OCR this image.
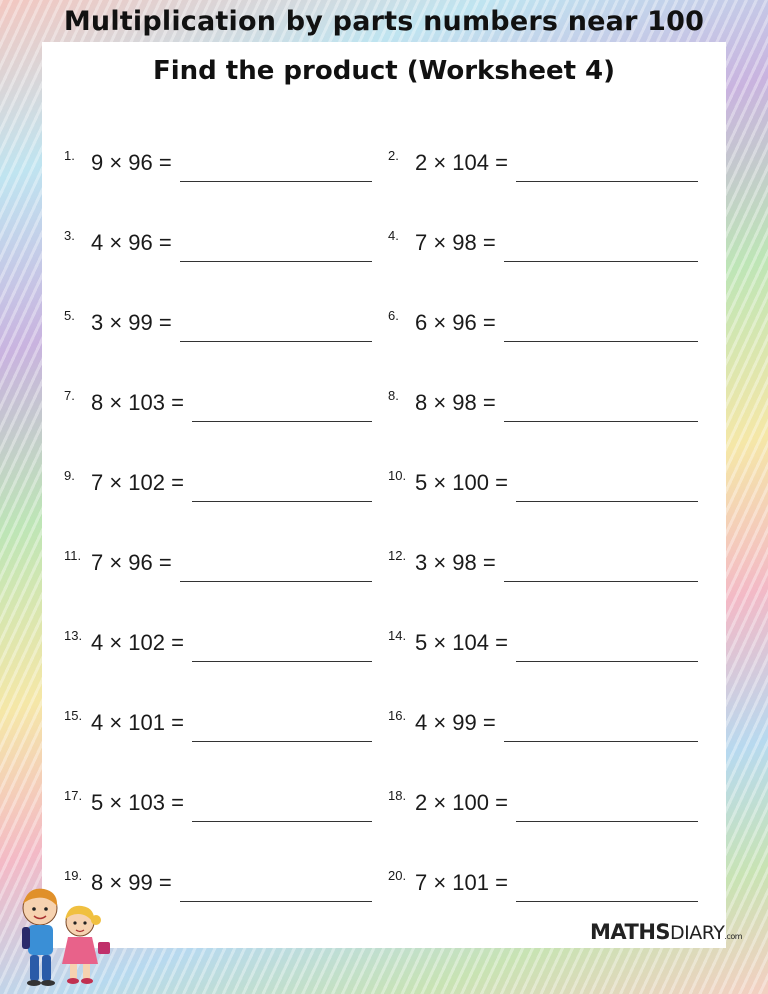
Multiplication by parts numbers near 100
Find the product (Worksheet 4)
1. 9 × 96 =	2. 2 × 104 =
3. 4 × 96 =	4. 7 × 98 =
5. 3 × 99 =	6. 6 × 96 =
7. 8 × 103 =	8. 8 × 98 =
9. 7 × 102 =	10. 5 × 100 =
11. 7 × 96 =	12. 3 × 98 =
13. 4 × 102 =	14. 5 × 104 =
15. 4 × 101 =	16. 4 × 99 =
17. 5 × 103 =	18. 2 × 100 =
19. 8 × 99 =	20. 7 × 101 =
MATHSDIARY.com
